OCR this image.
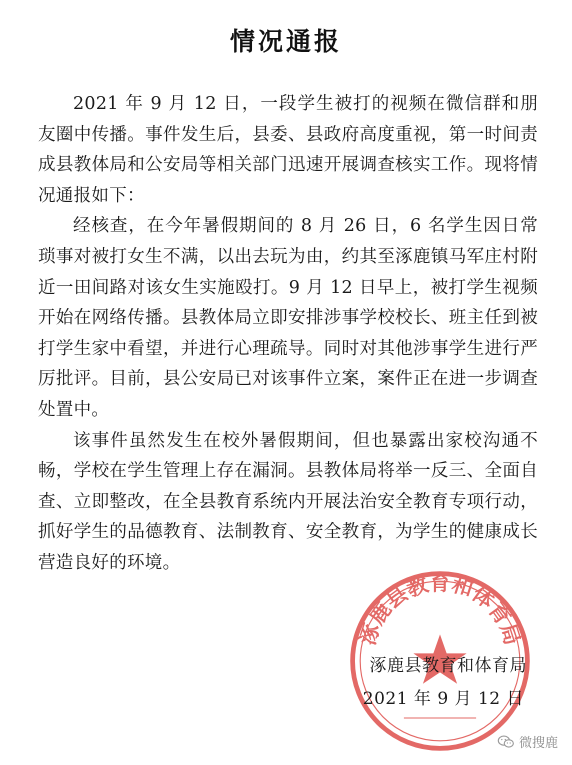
情况通报

2021 年 9 月 12 日，一段学生被打的视频在微信群和朋友圈中传播。事件发生后，县委、县政府高度重视，第一时间责成县教体局和公安局等相关部门迅速开展调查核实工作。现将情况通报如下：

经核查，在今年暑假期间的 8 月 26 日，6 名学生因日常琐事对被打女生不满，以出去玩为由，约其至涿鹿镇马军庄村附近一田间路对该女生实施殴打。9 月 12 日早上，被打学生视频开始在网络传播。县教体局立即安排涉事学校校长、班主任到被打学生家中看望，并进行心理疏导。同时对其他涉事学生进行严厉批评。目前，县公安局已对该事件立案，案件正在进一步调查处置中。

该事件虽然发生在校外暑假期间，但也暴露出家校沟通不畅，学校在学生管理上存在漏洞。县教体局将举一反三、全面自查、立即整改，在全县教育系统内开展法治安全教育专项行动，抓好学生的品德教育、法制教育、安全教育，为学生的健康成长营造良好的环境。

涿鹿县教育和体育局
涿鹿县教育和体育局
2021 年 9 月 12 日
微搜鹿
